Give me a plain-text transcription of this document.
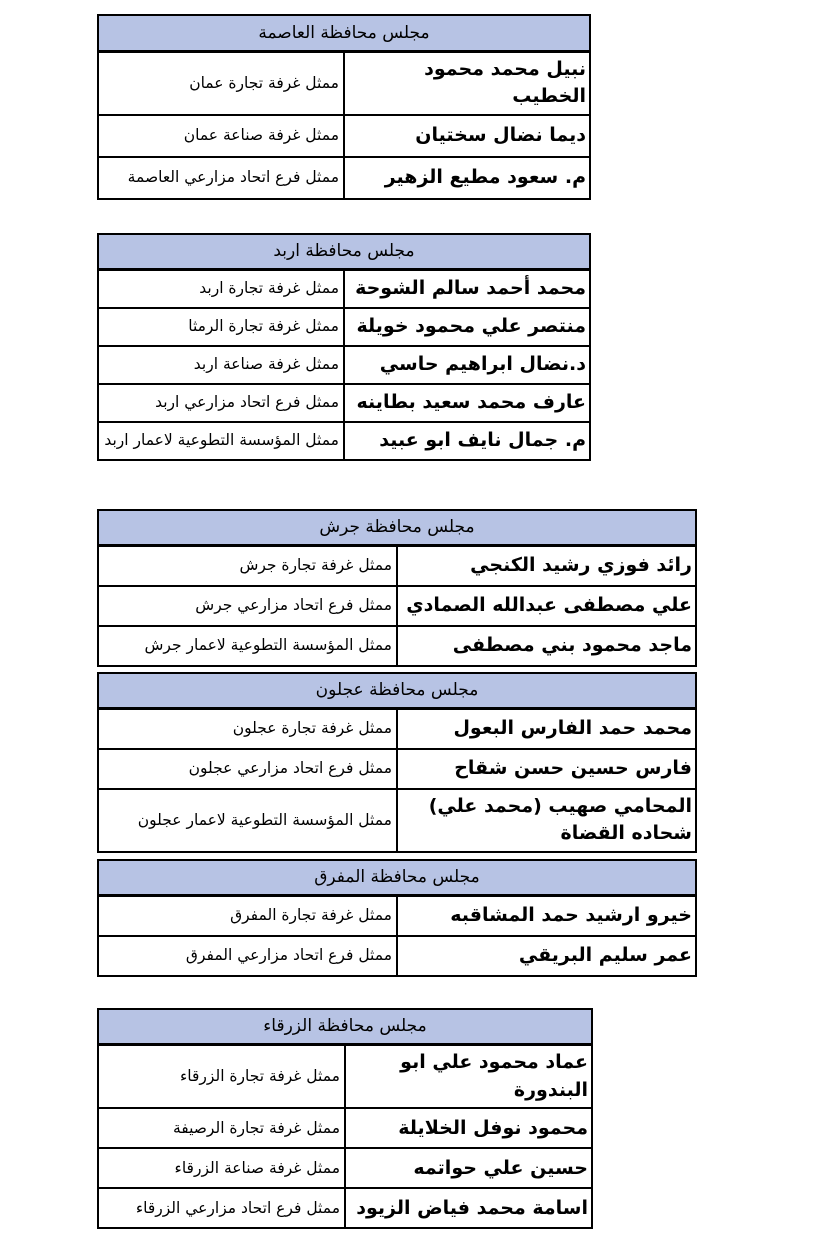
مجلس محافظة العاصمة	
نبيل محمد محمود الخطيب	ممثل غرفة تجارة عمان
ديما نضال سختيان	ممثل غرفة صناعة عمان
م. سعود مطيع الزهير	ممثل فرع اتحاد مزارعي العاصمة
مجلس محافظة اربد	
محمد أحمد سالم الشوحة	ممثل غرفة تجارة اربد
منتصر علي محمود خويلة	ممثل غرفة تجارة الرمثا
د.نضال ابراهيم حاسي	ممثل غرفة صناعة اربد
عارف محمد سعيد بطاينه	ممثل فرع اتحاد مزارعي اربد
م. جمال نايف ابو عبيد	ممثل المؤسسة التطوعية لاعمار اربد
مجلس محافظة جرش	
رائد فوزي رشيد الكنجي	ممثل غرفة تجارة جرش
علي مصطفى عبدالله الصمادي	ممثل فرع اتحاد مزارعي جرش
ماجد محمود بني مصطفى	ممثل المؤسسة التطوعية لاعمار جرش
مجلس محافظة عجلون	
محمد حمد الفارس البعول	ممثل غرفة تجارة عجلون
فارس حسين حسن شقاح	ممثل فرع اتحاد مزارعي عجلون
المحامي صهيب (محمد علي) شحاده القضاة	ممثل المؤسسة التطوعية لاعمار عجلون
مجلس محافظة المفرق	
خيرو ارشيد حمد المشاقبه	ممثل غرفة تجارة المفرق
عمر سليم البريقي	ممثل فرع اتحاد مزارعي المفرق
مجلس محافظة الزرقاء	
عماد محمود علي ابو البندورة	ممثل غرفة تجارة الزرقاء
محمود نوفل الخلايلة	ممثل غرفة تجارة الرصيفة
حسين علي حواتمه	ممثل غرفة صناعة الزرقاء
اسامة محمد فياض الزيود	ممثل فرع اتحاد مزارعي الزرقاء
